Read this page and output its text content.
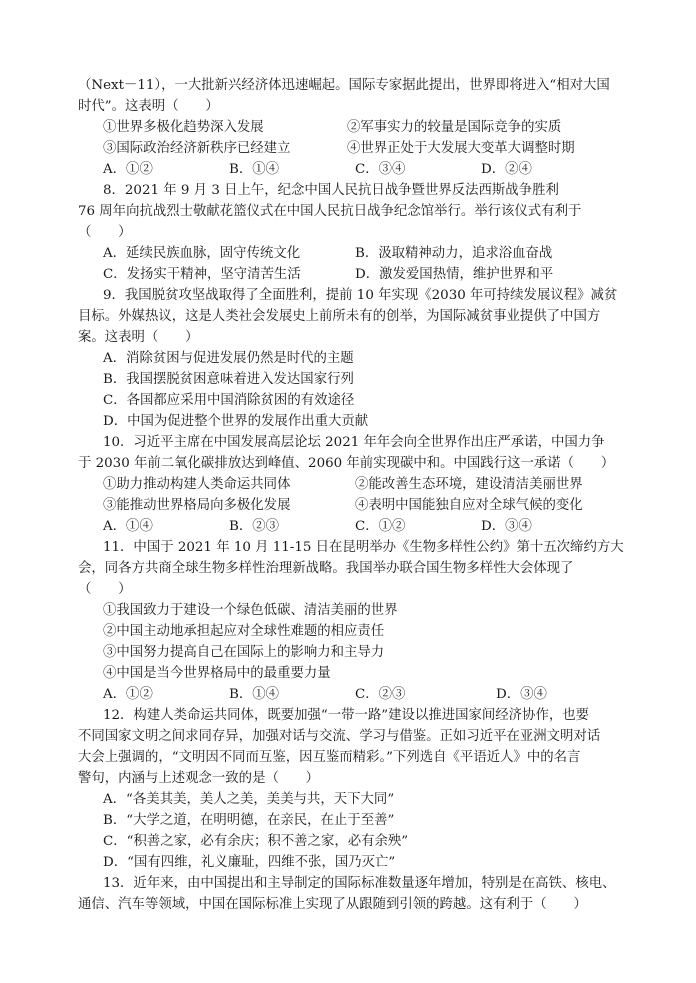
（Next－11），一大批新兴经济体迅速崛起。国际专家据此提出，世界即将进入“相对大国
时代”。这表明（　　）
①世界多极化趋势深入发展	②军事实力的较量是国际竞争的实质
③国际政治经济新秩序已经建立	④世界正处于大发展大变革大调整时期
A．①②	B．①④	C．③④	D．②④
8．2021 年 9 月 3 日上午，纪念中国人民抗日战争暨世界反法西斯战争胜利
76 周年向抗战烈士敬献花篮仪式在中国人民抗日战争纪念馆举行。举行该仪式有利于
（　　）
A．延续民族血脉，固守传统文化	B．汲取精神动力，追求浴血奋战
C．发扬实干精神，坚守清苦生活	D．激发爱国热情，维护世界和平
9．我国脱贫攻坚战取得了全面胜利，提前 10 年实现《2030 年可持续发展议程》减贫
目标。外媒热议，这是人类社会发展史上前所未有的创举，为国际减贫事业提供了中国方
案。这表明（　　）
A．消除贫困与促进发展仍然是时代的主题
B．我国摆脱贫困意味着进入发达国家行列
C．各国都应采用中国消除贫困的有效途径
D．中国为促进整个世界的发展作出重大贡献
10．习近平主席在中国发展高层论坛 2021 年年会向全世界作出庄严承诺，中国力争
于 2030 年前二氧化碳排放达到峰值、2060 年前实现碳中和。中国践行这一承诺（　　）
①助力推动构建人类命运共同体	②能改善生态环境，建设清洁美丽世界
③能推动世界格局向多极化发展	④表明中国能独自应对全球气候的变化
A．①④	B．②③	C．①②	D．③④
11．中国于 2021 年 10 月 11-15 日在昆明举办《生物多样性公约》第十五次缔约方大
会，同各方共商全球生物多样性治理新战略。我国举办联合国生物多样性大会体现了
（　　）
①我国致力于建设一个绿色低碳、清洁美丽的世界
②中国主动地承担起应对全球性难题的相应责任
③中国努力提高自己在国际上的影响力和主导力
④中国是当今世界格局中的最重要力量
A．①②	B．①④	C．②③	D．③④
12．构建人类命运共同体，既要加强“一带一路”建设以推进国家间经济协作，也要
不同国家文明之间求同存异，加强对话与交流、学习与借鉴。正如习近平在亚洲文明对话
大会上强调的，“文明因不同而互鉴，因互鉴而精彩。”下列选自《平语近人》中的名言
警句，内涵与上述观念一致的是（　　）
A．“各美其美，美人之美，美美与共，天下大同”
B．“大学之道，在明明德，在亲民，在止于至善”
C．“积善之家，必有余庆；积不善之家，必有余殃”
D．“国有四维，礼义廉耻，四维不张，国乃灭亡”
13．近年来，由中国提出和主导制定的国际标准数量逐年增加，特别是在高铁、核电、
通信、汽车等领域，中国在国际标准上实现了从跟随到引领的跨越。这有利于（　　）
